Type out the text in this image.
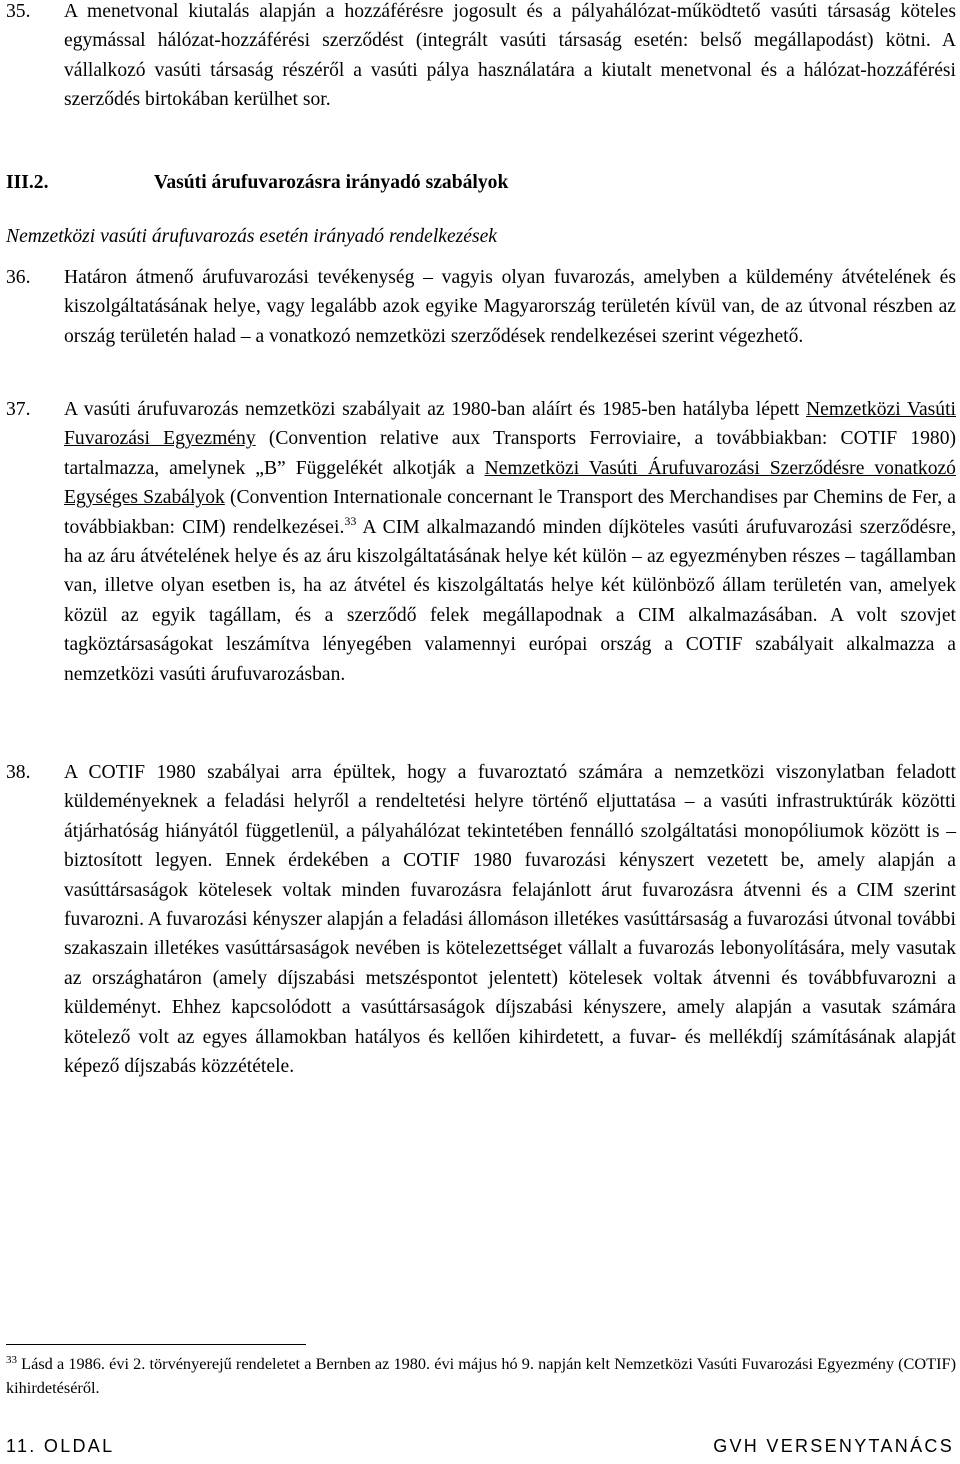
35. A menetvonal kiutalás alapján a hozzáférésre jogosult és a pályahálózat-működtető vasúti társaság köteles egymással hálózat-hozzáférési szerződést (integrált vasúti társaság esetén: belső megállapodást) kötni. A vállalkozó vasúti társaság részéről a vasúti pálya használatára a kiutalt menetvonal és a hálózat-hozzáférési szerződés birtokában kerülhet sor.
III.2.	Vasúti árufuvarozásra irányadó szabályok
Nemzetközi vasúti árufuvarozás esetén irányadó rendelkezések
36. Határon átmenő árufuvarozási tevékenység – vagyis olyan fuvarozás, amelyben a küldemény átvételének és kiszolgáltatásának helye, vagy legalább azok egyike Magyarország területén kívül van, de az útvonal részben az ország területén halad – a vonatkozó nemzetközi szerződések rendelkezései szerint végezhető.
37. A vasúti árufuvarozás nemzetközi szabályait az 1980-ban aláírt és 1985-ben hatályba lépett Nemzetközi Vasúti Fuvarozási Egyezmény (Convention relative aux Transports Ferroviaire, a továbbiakban: COTIF 1980) tartalmazza, amelynek „B” Függelékét alkotják a Nemzetközi Vasúti Árufuvarozási Szerződésre vonatkozó Egységes Szabályok (Convention Internationale concernant le Transport des Merchandises par Chemins de Fer, a továbbiakban: CIM) rendelkezései.$^{33}$ A CIM alkalmazandó minden díjköteles vasúti árufuvarozási szerződésre, ha az áru átvételének helye és az áru kiszolgáltatásának helye két külön – az egyezményben részes – tagállamban van, illetve olyan esetben is, ha az átvétel és kiszolgáltatás helye két különböző állam területén van, amelyek közül az egyik tagállam, és a szerződő felek megállapodnak a CIM alkalmazásában. A volt szovjet tagköztársaságokat leszámítva lényegében valamennyi európai ország a COTIF szabályait alkalmazza a nemzetközi vasúti árufuvarozásban.
38. A COTIF 1980 szabályai arra épültek, hogy a fuvaroztató számára a nemzetközi viszonylatban feladott küldeményeknek a feladási helyről a rendeltetési helyre történő eljuttatása – a vasúti infrastruktúrák közötti átjárhatóság hiányától függetlenül, a pályahálózat tekintetében fennálló szolgáltatási monopóliumok között is – biztosított legyen. Ennek érdekében a COTIF 1980 fuvarozási kényszert vezetett be, amely alapján a vasúttársaságok kötelesek voltak minden fuvarozásra felajánlott árut fuvarozásra átvenni és a CIM szerint fuvarozni. A fuvarozási kényszer alapján a feladási állomáson illetékes vasúttársaság a fuvarozási útvonal további szakaszain illetékes vasúttársaságok nevében is kötelezettséget vállalt a fuvarozás lebonyolítására, mely vasutak az országhatáron (amely díjszabási metszéspontot jelentett) kötelesek voltak átvenni és továbbfuvarozni a küldeményt. Ehhez kapcsolódott a vasúttársaságok díjszabási kényszere, amely alapján a vasutak számára kötelező volt az egyes államokban hatályos és kellően kihirdetett, a fuvar- és mellékdíj számításának alapját képező díjszabás közzététele.
$^{33}$ Lásd a 1986. évi 2. törvényerejű rendeletet a Bernben az 1980. évi május hó 9. napján kelt Nemzetközi Vasúti Fuvarozási Egyezmény (COTIF) kihirdetéséről.
11. OLDAL	GVH VERSENYTANÁCS
